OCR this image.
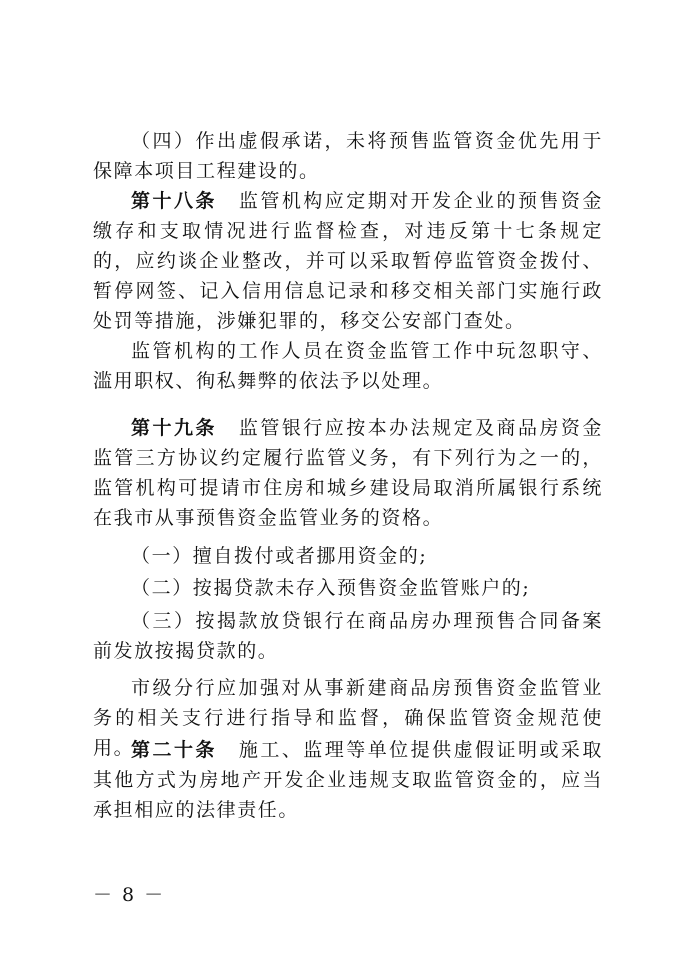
（四）作出虚假承诺，未将预售监管资金优先用于保障本项目工程建设的。

第十八条 监管机构应定期对开发企业的预售资金缴存和支取情况进行监督检查，对违反第十七条规定的，应约谈企业整改，并可以采取暂停监管资金拨付、暂停网签、记入信用信息记录和移交相关部门实施行政处罚等措施，涉嫌犯罪的，移交公安部门查处。

监管机构的工作人员在资金监管工作中玩忽职守、滥用职权、徇私舞弊的依法予以处理。

第十九条 监管银行应按本办法规定及商品房资金监管三方协议约定履行监管义务，有下列行为之一的，监管机构可提请市住房和城乡建设局取消所属银行系统在我市从事预售资金监管业务的资格。

（一）擅自拨付或者挪用资金的;

（二）按揭贷款未存入预售资金监管账户的;

（三）按揭款放贷银行在商品房办理预售合同备案前发放按揭贷款的。

市级分行应加强对从事新建商品房预售资金监管业务的相关支行进行指导和监督，确保监管资金规范使用。

第二十条 施工、监理等单位提供虚假证明或采取其他方式为房地产开发企业违规支取监管资金的，应当承担相应的法律责任。

－ 8 －
